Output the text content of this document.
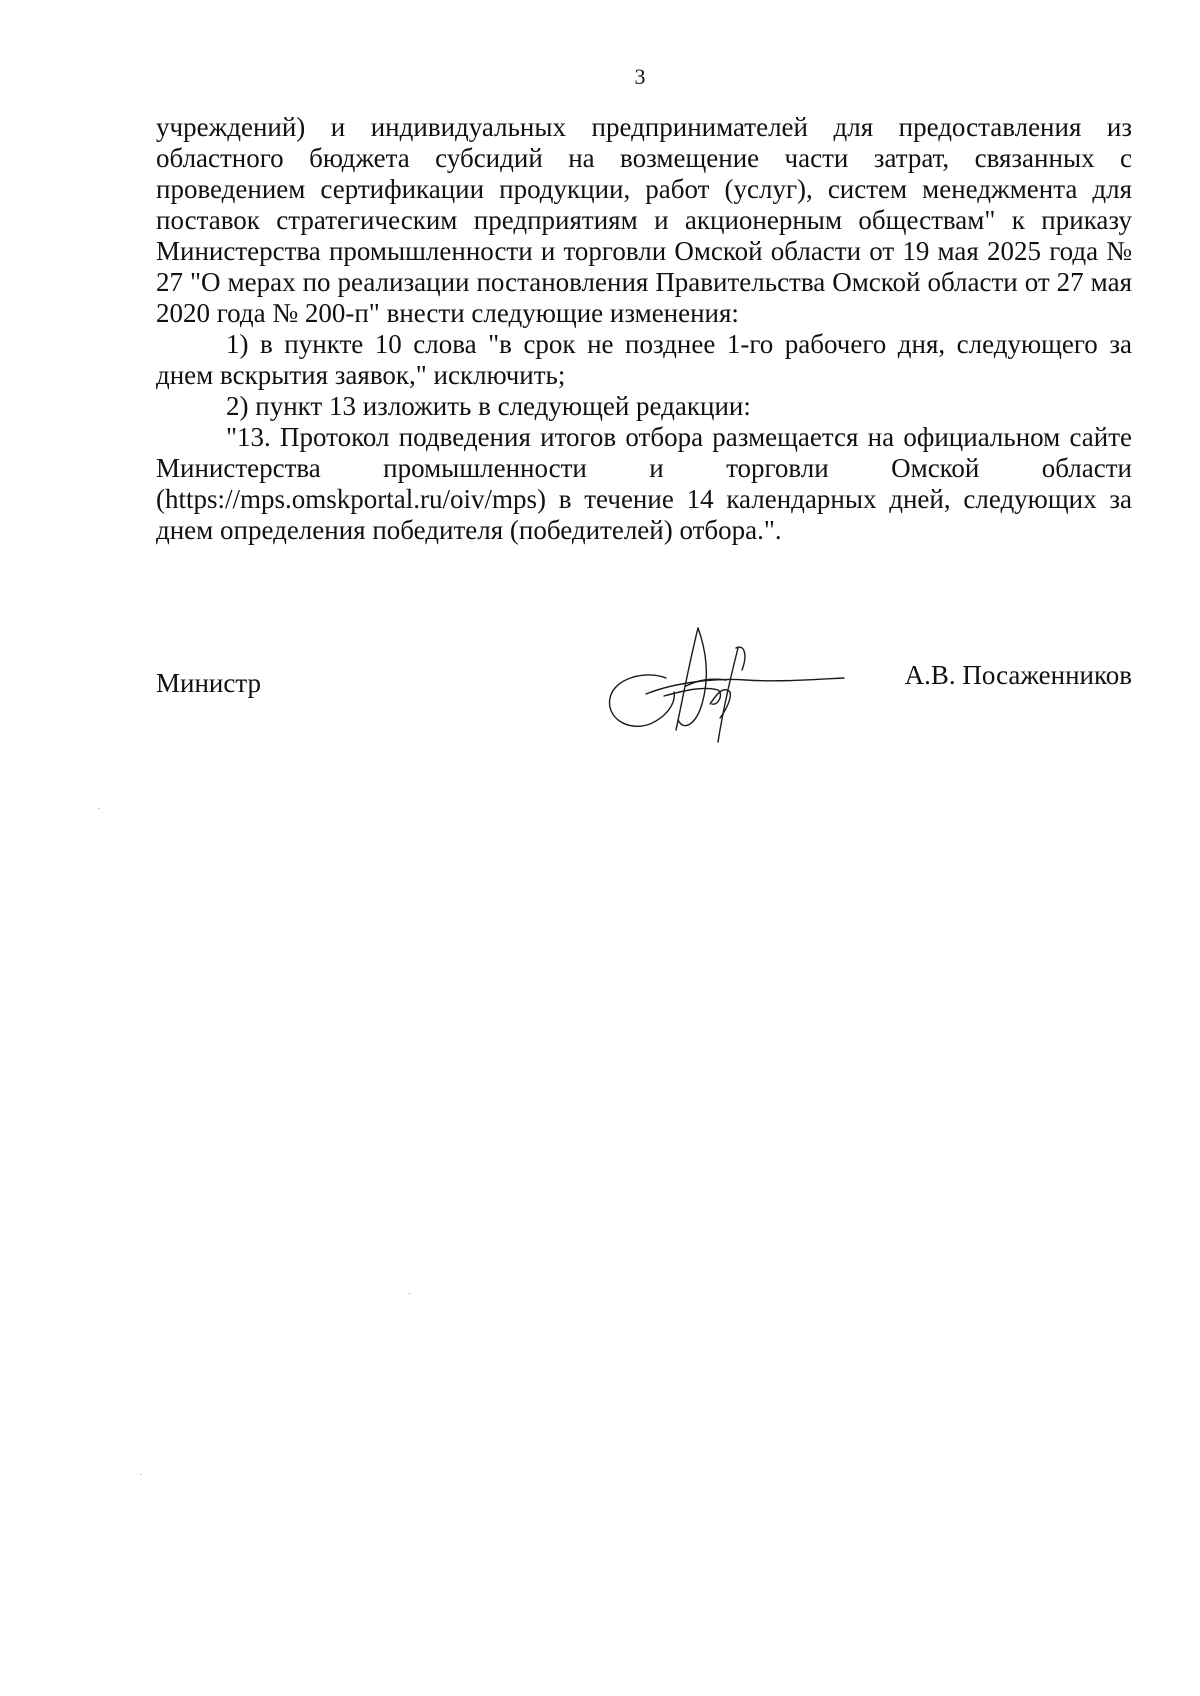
3

учреждений) и индивидуальных предпринимателей для предоставления из областного бюджета субсидий на возмещение части затрат, связанных с проведением сертификации продукции, работ (услуг), систем менеджмента для поставок стратегическим предприятиям и акционерным обществам" к приказу Министерства промышленности и торговли Омской области от 19 мая 2025 года № 27 "О мерах по реализации постановления Правительства Омской области от 27 мая 2020 года № 200-п" внести следующие изменения:

1) в пункте 10 слова "в срок не позднее 1-го рабочего дня, следующего за днем вскрытия заявок," исключить;

2) пункт 13 изложить в следующей редакции:

"13. Протокол подведения итогов отбора размещается на официальном сайте Министерства промышленности и торговли Омской области (https://mps.omskportal.ru/oiv/mps) в течение 14 календарных дней, следующих за днем определения победителя (победителей) отбора.".

Министр	А.В. Посаженников
